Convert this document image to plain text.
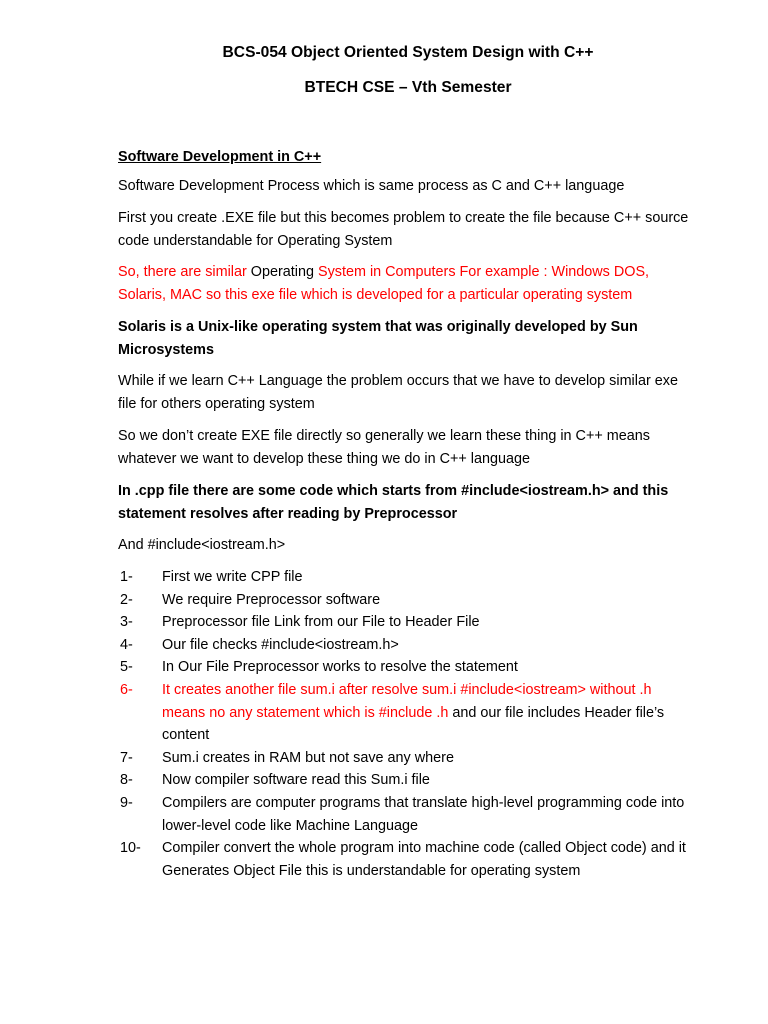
BCS-054 Object Oriented System Design with C++
BTECH CSE – Vth Semester
Software Development in C++
Software Development Process which is same process as C and C++ language
First you create .EXE file but this becomes problem to create the file because C++ source code understandable for Operating System
So, there are similar Operating System in Computers For example : Windows DOS, Solaris, MAC so this exe file which is developed for a particular operating system
Solaris is a Unix-like operating system that was originally developed by Sun Microsystems
While if we learn C++ Language the problem occurs that we have to develop similar exe file for others operating system
So we don’t create EXE file directly so generally we learn these thing in C++ means whatever we want to develop these thing we do in C++ language
In .cpp file there are some code which starts from #include<iostream.h> and this statement resolves after reading by Preprocessor
And #include<iostream.h>
1- First we write CPP file
2- We require Preprocessor software
3- Preprocessor file Link from our File to Header File
4- Our file checks #include<iostream.h>
5- In Our File Preprocessor works to resolve the statement
6- It creates another file sum.i after resolve sum.i #include<iostream> without .h means no any statement which is #include .h and our file includes Header file’s content
7- Sum.i creates in RAM but not save any where
8- Now compiler software read this Sum.i file
9- Compilers are computer programs that translate high-level programming code into lower-level code like Machine Language
10- Compiler convert the whole program into machine code (called Object code) and it Generates Object File this is understandable for operating system
